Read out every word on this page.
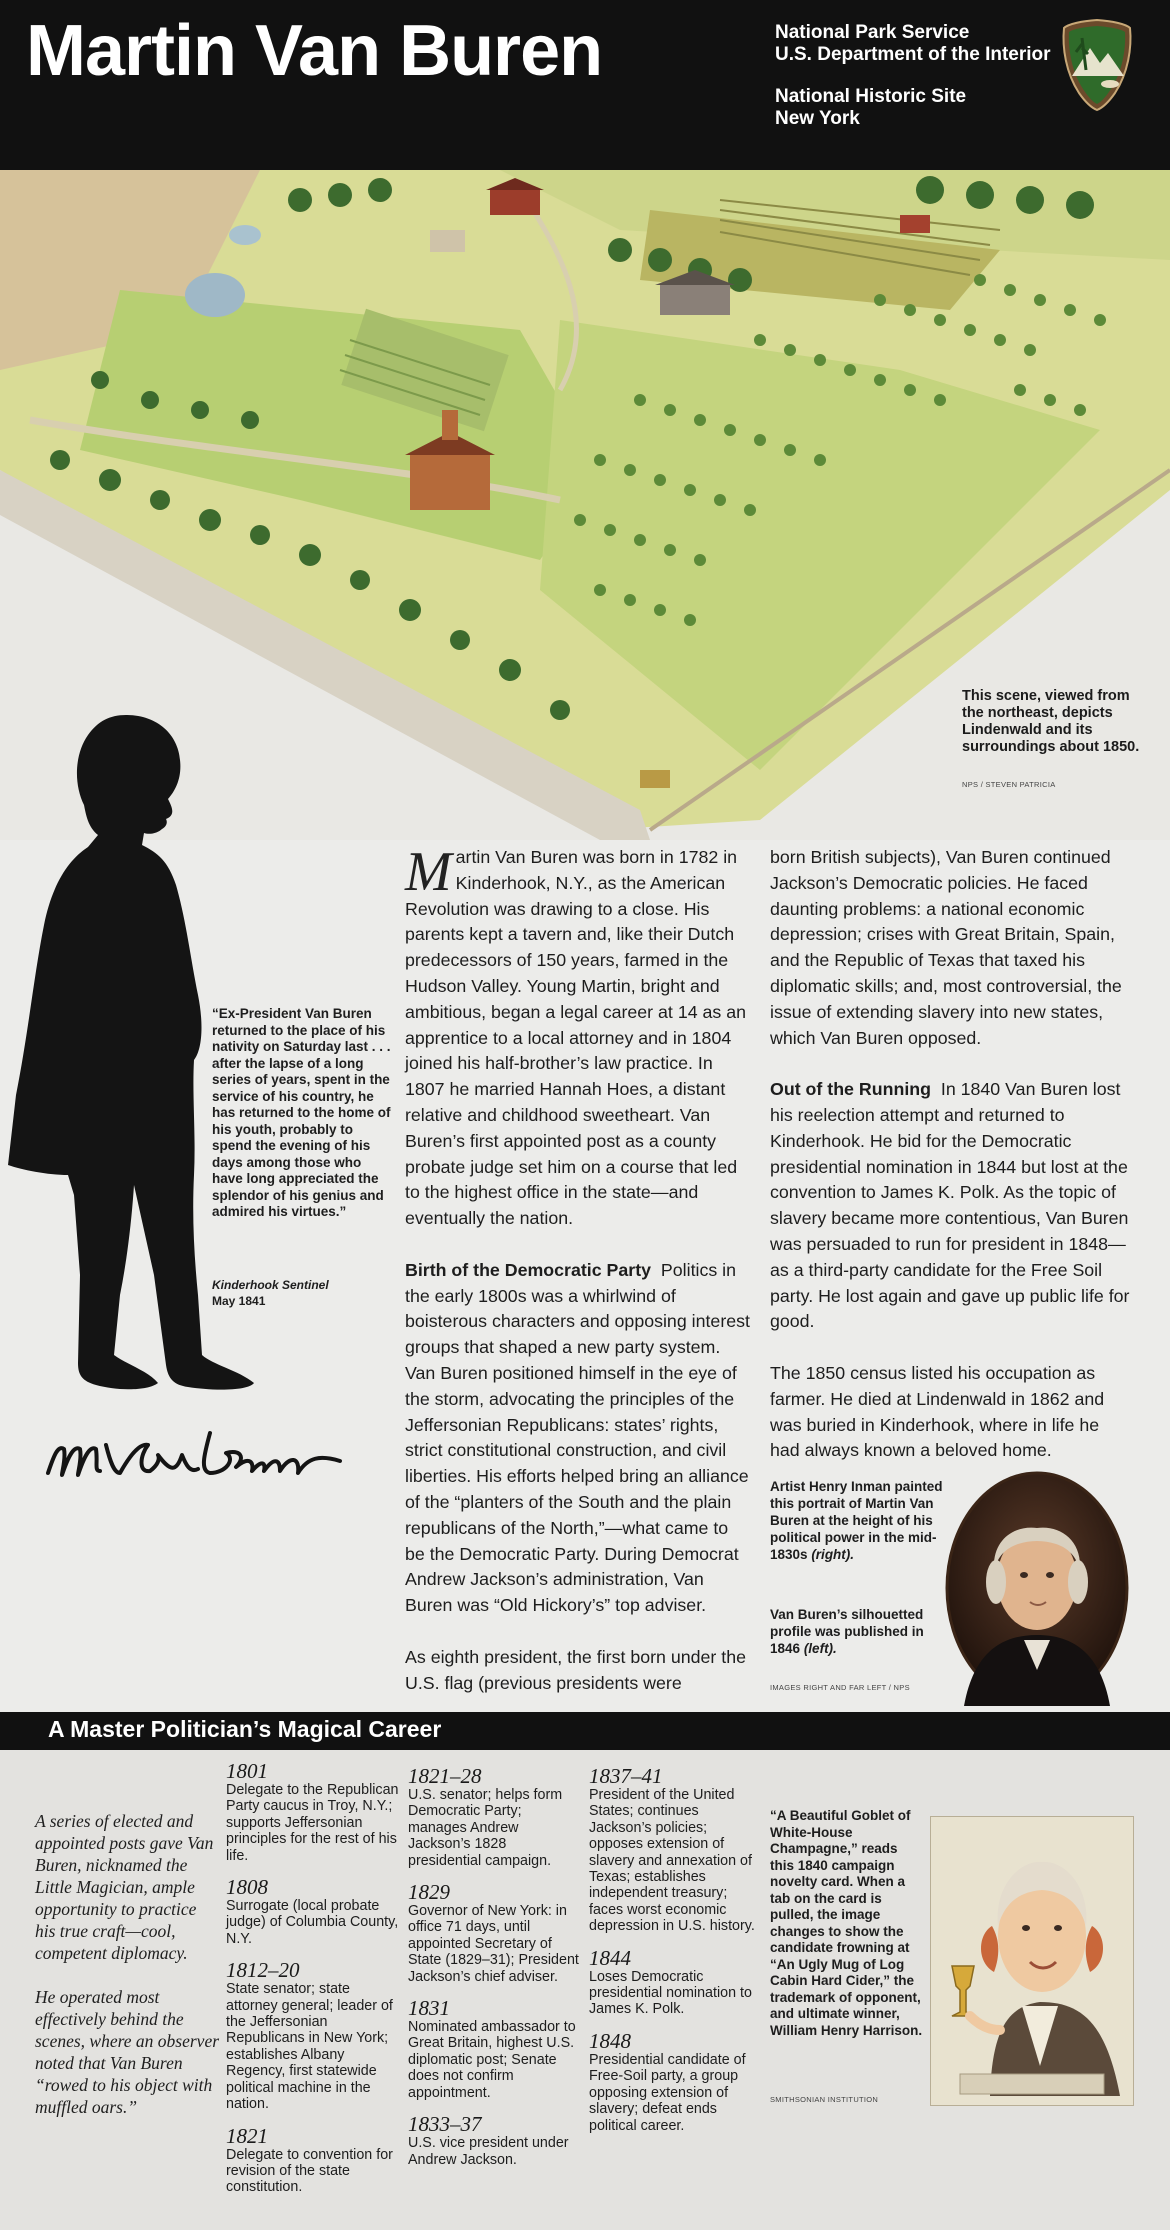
Martin Van Buren	National Park Service
U.S. Department of the Interior
National Historic Site
New York
This scene, viewed from the northeast, depicts Lindenwald and its surroundings about 1850.
NPS / STEVEN PATRICIA
“Ex-President Van Buren returned to the place of his nativity on Saturday last . . . after the lapse of a long series of years, spent in the service of his country, he has returned to the home of his youth, probably to spend the evening of his days among those who have long appreciated the splendor of his genius and admired his virtues.”
Kinderhook Sentinel
May 1841

Martin Van Buren was born in 1782 in Kinderhook, N.Y., as the American Revolution was drawing to a close. His parents kept a tavern and, like their Dutch predecessors of 150 years, farmed in the Hudson Valley. Young Martin, bright and ambitious, began a legal career at 14 as an apprentice to a local attorney and in 1804 joined his half-brother’s law practice. In 1807 he married Hannah Hoes, a distant relative and childhood sweetheart. Van Buren’s first appointed post as a county probate judge set him on a course that led to the highest office in the state—and eventually the nation.

Birth of the Democratic Party Politics in the early 1800s was a whirlwind of boisterous characters and opposing interest groups that shaped a new party system. Van Buren positioned himself in the eye of the storm, advocating the principles of the Jeffersonian Republicans: states’ rights, strict constitutional construction, and civil liberties. His efforts helped bring an alliance of the “planters of the South and the plain republicans of the North,”—what came to be the Democratic Party. During Democrat Andrew Jackson’s administration, Van Buren was “Old Hickory’s” top adviser.

As eighth president, the first born under the U.S. flag (previous presidents were

born British subjects), Van Buren continued Jackson’s Democratic policies. He faced daunting problems: a national economic depression; crises with Great Britain, Spain, and the Republic of Texas that taxed his diplomatic skills; and, most controversial, the issue of extending slavery into new states, which Van Buren opposed.

Out of the Running In 1840 Van Buren lost his reelection attempt and returned to Kinderhook. He bid for the Democratic presidential nomination in 1844 but lost at the convention to James K. Polk. As the topic of slavery became more contentious, Van Buren was persuaded to run for president in 1848—as a third-party candidate for the Free Soil party. He lost again and gave up public life for good.

The 1850 census listed his occupation as farmer. He died at Lindenwald in 1862 and was buried in Kinderhook, where in life he had always known a beloved home.

Artist Henry Inman painted this portrait of Martin Van Buren at the height of his political power in the mid-1830s (right).
Van Buren’s silhouetted profile was published in 1846 (left).
IMAGES RIGHT AND FAR LEFT / NPS
A Master Politician’s Magical Career

A series of elected and appointed posts gave Van Buren, nicknamed the Little Magician, ample opportunity to practice his true craft—cool, competent diplomacy.

He operated most effectively behind the scenes, where an observer noted that Van Buren “rowed to his object with muffled oars.”

1801
Delegate to the Republican Party caucus in Troy, N.Y.; supports Jeffersonian principles for the rest of his life.
1808
Surrogate (local probate judge) of Columbia County, N.Y.
1812–20
State senator; state attorney general; leader of the Jeffersonian Republicans in New York; establishes Albany Regency, first statewide political machine in the nation.
1821
Delegate to convention for revision of the state constitution.
1821–28
U.S. senator; helps form Democratic Party; manages Andrew Jackson’s 1828 presidential campaign.
1829
Governor of New York: in office 71 days, until appointed Secretary of State (1829–31); President Jackson’s chief adviser.
1831
Nominated ambassador to Great Britain, highest U.S. diplomatic post; Senate does not confirm appointment.
1833–37
U.S. vice president under Andrew Jackson.
1837–41
President of the United States; continues Jackson’s policies; opposes extension of slavery and annexation of Texas; establishes independent treasury; faces worst economic depression in U.S. history.
1844
Loses Democratic presidential nomination to James K. Polk.
1848
Presidential candidate of Free-Soil party, a group opposing extension of slavery; defeat ends political career.
“A Beautiful Goblet of White-House Champagne,” reads this 1840 campaign novelty card. When a tab on the card is pulled, the image changes to show the candidate frowning at “An Ugly Mug of Log Cabin Hard Cider,” the trademark of opponent, and ultimate winner, William Henry Harrison.
SMITHSONIAN INSTITUTION
